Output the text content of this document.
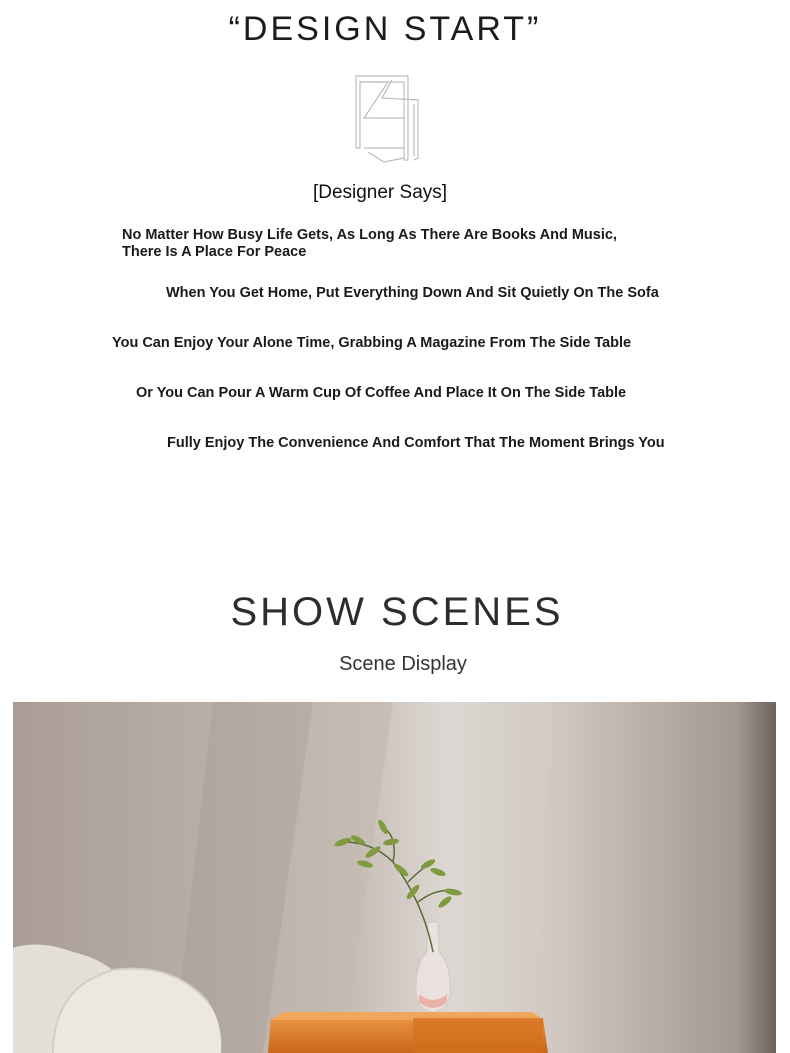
“DESIGN START”
[Designer Says]
No Matter How Busy Life Gets, As Long As There Are Books And Music, There Is A Place For Peace
When You Get Home, Put Everything Down And Sit Quietly On The Sofa
You Can Enjoy Your Alone Time, Grabbing A Magazine From The Side Table
Or You Can Pour A Warm Cup Of Coffee And Place It On The Side Table
Fully Enjoy The Convenience And Comfort That The Moment Brings You
SHOW SCENES
Scene Display
